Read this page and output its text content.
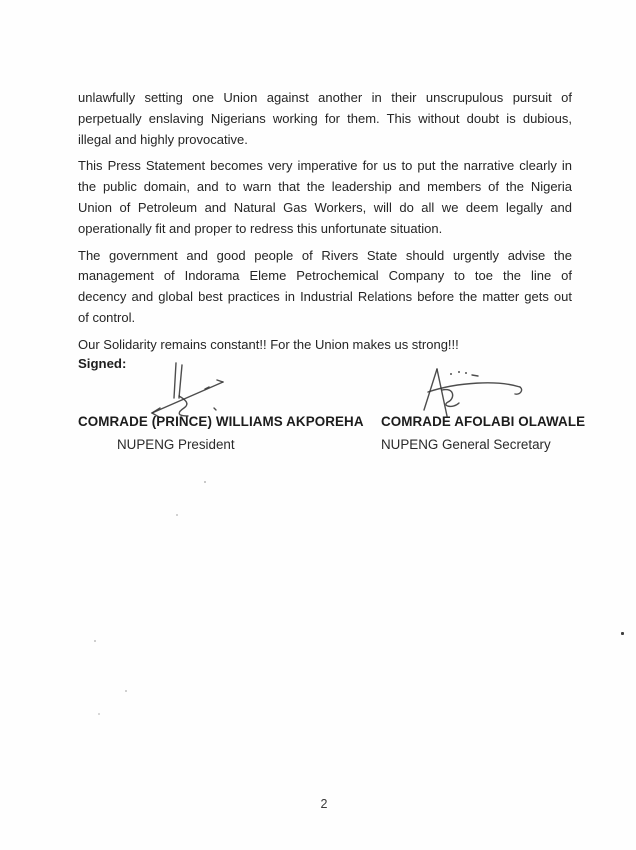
unlawfully setting one Union against another in their unscrupulous pursuit of
perpetually enslaving Nigerians working for them. This without doubt is dubious,
illegal and highly provocative.
This Press Statement becomes very imperative for us to put the narrative clearly in
the public domain, and to warn that the leadership and members of the Nigeria
Union of Petroleum and Natural Gas Workers, will do all we deem legally and
operationally fit and proper to redress this unfortunate situation.
The government and good people of Rivers State should urgently advise the
management of Indorama Eleme Petrochemical Company to toe the line of
decency and global best practices in Industrial Relations before the matter gets out
of control.
Our Solidarity remains constant!! For the Union makes us strong!!!
Signed:
COMRADE (PRINCE) WILLIAMS AKPOREHA COMRADE AFOLABI OLAWALE
NUPENG President	NUPENG General Secretary
2
